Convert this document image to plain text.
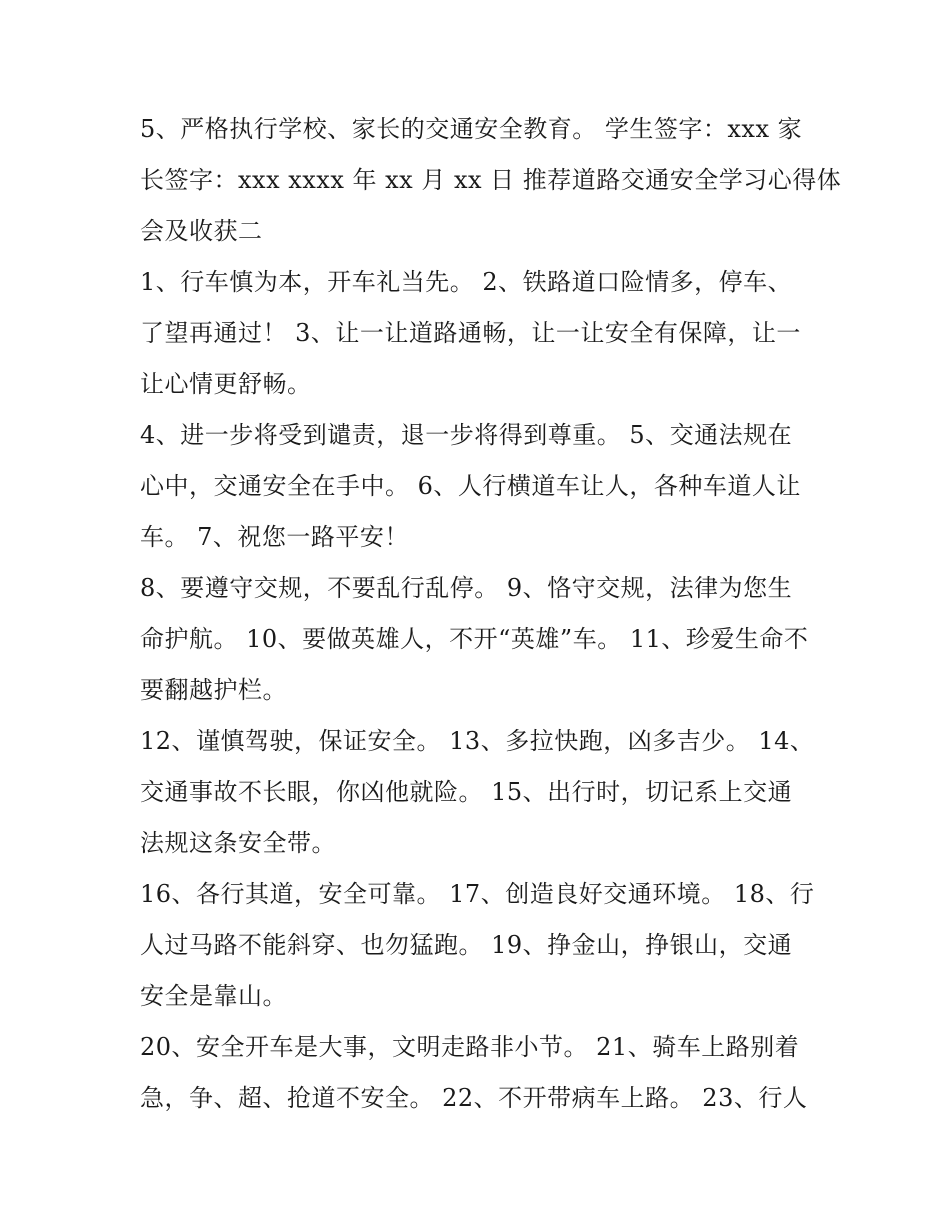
5、严格执行学校、家长的交通安全教育。 学生签字：xxx 家
长签字：xxx xxxx 年 xx 月 xx 日 推荐道路交通安全学习心得体
会及收获二
1、行车慎为本，开车礼当先。 2、铁路道口险情多，停车、
了望再通过！ 3、让一让道路通畅，让一让安全有保障，让一
让心情更舒畅。
4、进一步将受到谴责，退一步将得到尊重。 5、交通法规在
心中，交通安全在手中。 6、人行横道车让人，各种车道人让
车。 7、祝您一路平安！
8、要遵守交规，不要乱行乱停。 9、恪守交规，法律为您生
命护航。 10、要做英雄人，不开“英雄”车。 11、珍爱生命不
要翻越护栏。
12、谨慎驾驶，保证安全。 13、多拉快跑，凶多吉少。 14、
交通事故不长眼，你凶他就险。 15、出行时，切记系上交通
法规这条安全带。
16、各行其道，安全可靠。 17、创造良好交通环境。 18、行
人过马路不能斜穿、也勿猛跑。 19、挣金山，挣银山，交通
安全是靠山。
20、安全开车是大事，文明走路非小节。 21、骑车上路别着
急，争、超、抢道不安全。 22、不开带病车上路。 23、行人
